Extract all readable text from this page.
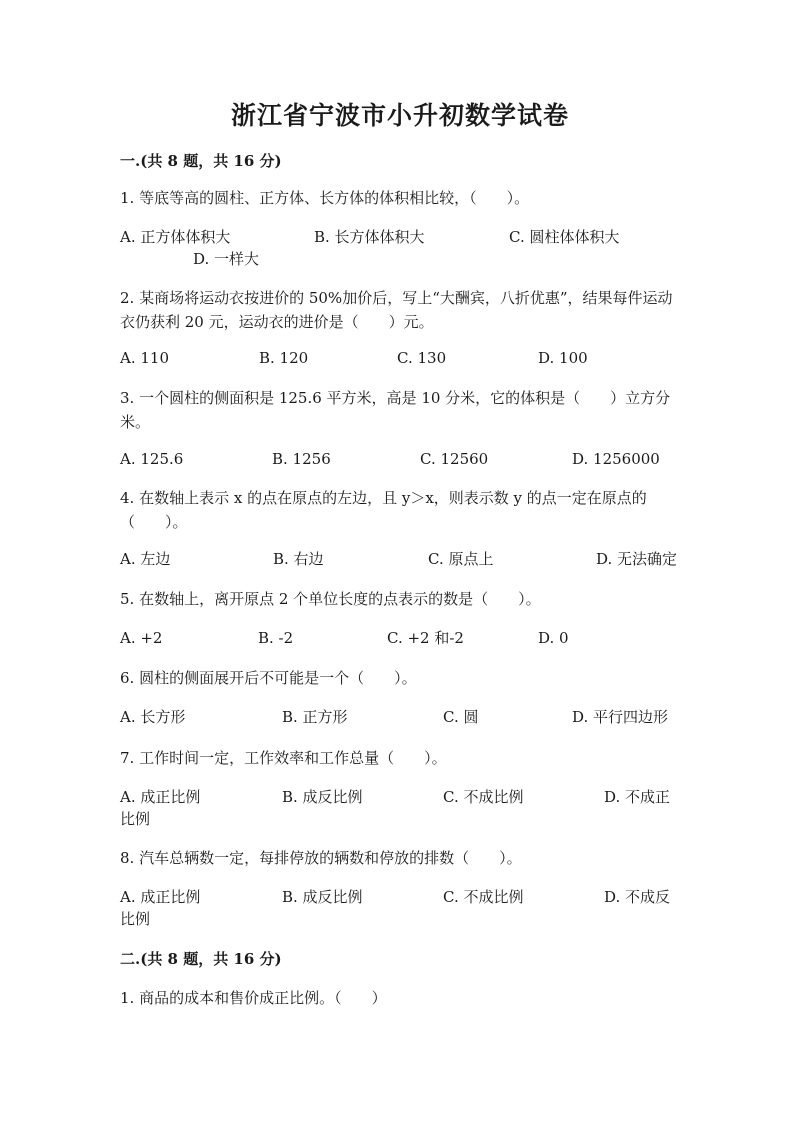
浙江省宁波市小升初数学试卷
一.(共 8 题，共 16 分)
1. 等底等高的圆柱、正方体、长方体的体积相比较，（　　）。
A. 正方体体积大	B. 长方体体积大	C. 圆柱体体积大
D. 一样大
2. 某商场将运动衣按进价的 50%加价后，写上“大酬宾，八折优惠”，结果每件运动衣仍获利 20 元，运动衣的进价是（　　）元。
A. 110	B. 120	C. 130	D. 100
3. 一个圆柱的侧面积是 125.6 平方米，高是 10 分米，它的体积是（　　）立方分米。
A. 125.6	B. 1256	C. 12560	D. 1256000
4. 在数轴上表示 x 的点在原点的左边，且 y＞x，则表示数 y 的点一定在原点的（　　）。
A. 左边	B. 右边	C. 原点上	D. 无法确定
5. 在数轴上，离开原点 2 个单位长度的点表示的数是（　　）。
A. +2	B. -2	C. +2 和-2	D. 0
6. 圆柱的侧面展开后不可能是一个（　　）。
A. 长方形	B. 正方形	C. 圆	D. 平行四边形
7. 工作时间一定，工作效率和工作总量（　　）。
A. 成正比例	B. 成反比例	C. 不成比例	D. 不成正比例
8. 汽车总辆数一定，每排停放的辆数和停放的排数（　　）。
A. 成正比例	B. 成反比例	C. 不成比例	D. 不成反比例
二.(共 8 题，共 16 分)
1. 商品的成本和售价成正比例。（　　）
